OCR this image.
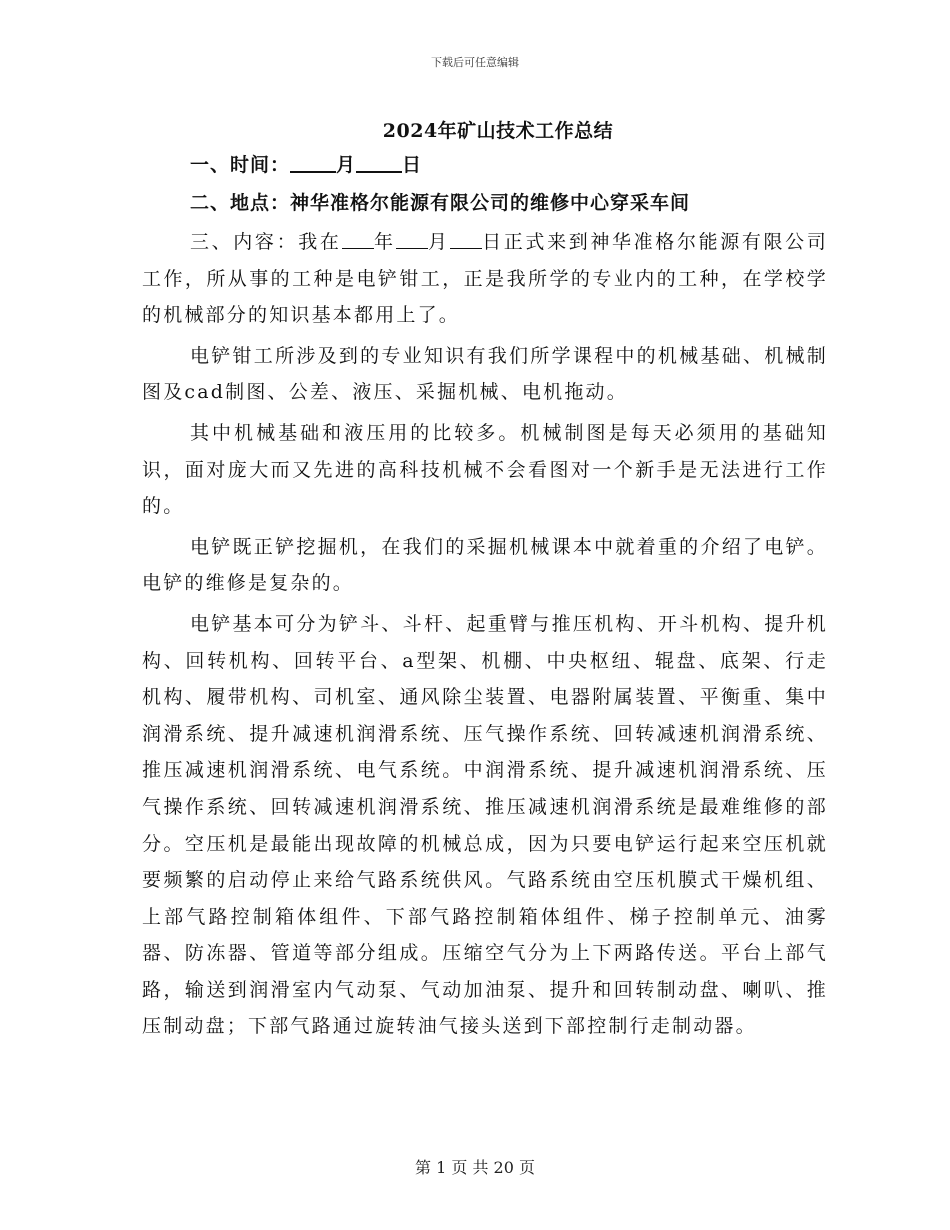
下载后可任意编辑
2024年矿山技术工作总结
一、时间： 月 日
二、地点：神华准格尔能源有限公司的维修中心穿采车间

三、内容：我在 年 月 日正式来到神华准格尔能源有限公司工作，所从事的工种是电铲钳工，正是我所学的专业内的工种，在学校学的机械部分的知识基本都用上了。

电铲钳工所涉及到的专业知识有我们所学课程中的机械基础、机械制图及cad制图、公差、液压、采掘机械、电机拖动。

其中机械基础和液压用的比较多。机械制图是每天必须用的基础知识，面对庞大而又先进的高科技机械不会看图对一个新手是无法进行工作的。

电铲既正铲挖掘机，在我们的采掘机械课本中就着重的介绍了电铲。电铲的维修是复杂的。

电铲基本可分为铲斗、斗杆、起重臂与推压机构、开斗机构、提升机构、回转机构、回转平台、a型架、机棚、中央枢纽、辊盘、底架、行走机构、履带机构、司机室、通风除尘装置、电器附属装置、平衡重、集中润滑系统、提升减速机润滑系统、压气操作系统、回转减速机润滑系统、推压减速机润滑系统、电气系统。中润滑系统、提升减速机润滑系统、压气操作系统、回转减速机润滑系统、推压减速机润滑系统是最难维修的部分。空压机是最能出现故障的机械总成，因为只要电铲运行起来空压机就要频繁的启动停止来给气路系统供风。气路系统由空压机膜式干燥机组、上部气路控制箱体组件、下部气路控制箱体组件、梯子控制单元、油雾器、防冻器、管道等部分组成。压缩空气分为上下两路传送。平台上部气路，输送到润滑室内气动泵、气动加油泵、提升和回转制动盘、喇叭、推压制动盘；下部气路通过旋转油气接头送到下部控制行走制动器。

第 1 页 共 20 页
